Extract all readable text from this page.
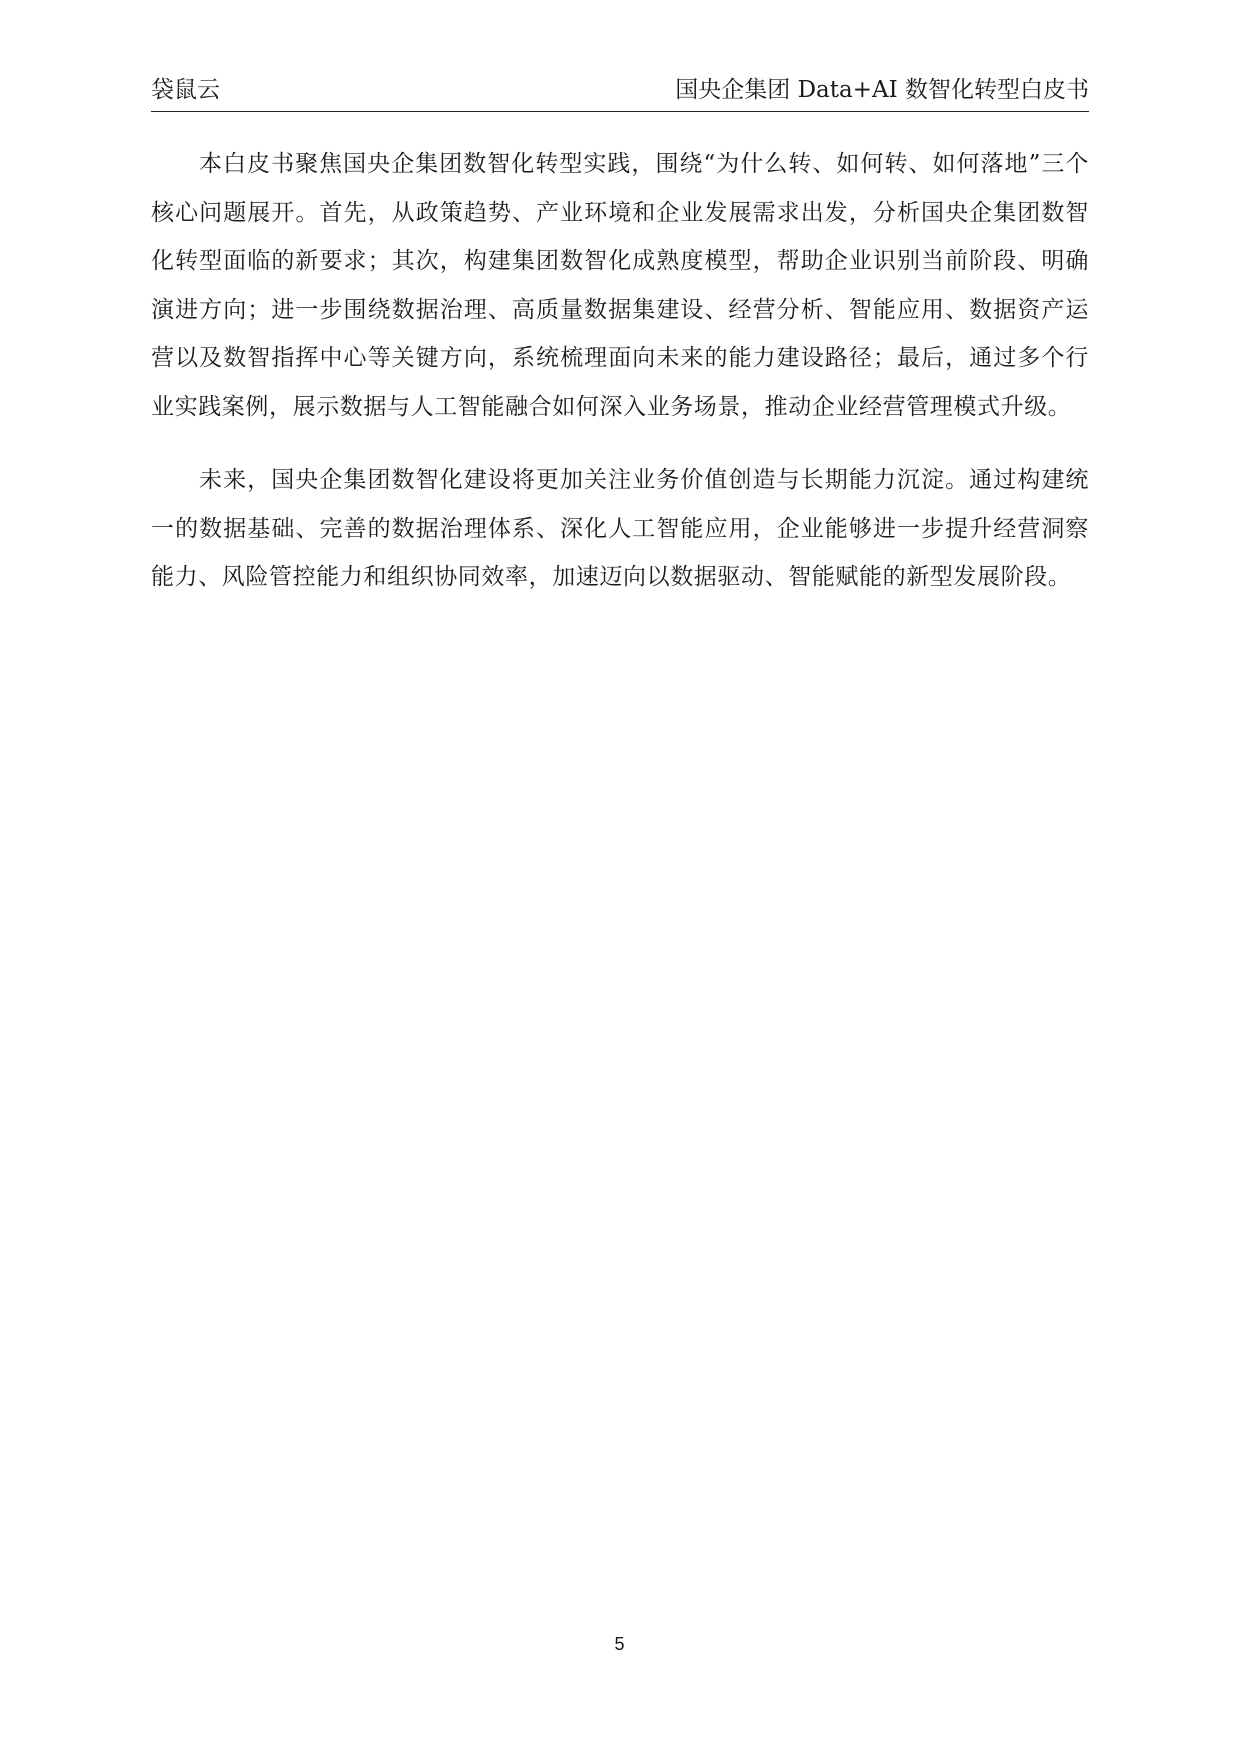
袋鼠云	国央企集团 Data+AI 数智化转型白皮书

本白皮书聚焦国央企集团数智化转型实践，围绕“为什么转、如何转、如何落地”三个核心问题展开。首先，从政策趋势、产业环境和企业发展需求出发，分析国央企集团数智化转型面临的新要求；其次，构建集团数智化成熟度模型，帮助企业识别当前阶段、明确演进方向；进一步围绕数据治理、高质量数据集建设、经营分析、智能应用、数据资产运营以及数智指挥中心等关键方向，系统梳理面向未来的能力建设路径；最后，通过多个行业实践案例，展示数据与人工智能融合如何深入业务场景，推动企业经营管理模式升级。

未来，国央企集团数智化建设将更加关注业务价值创造与长期能力沉淀。通过构建统一的数据基础、完善的数据治理体系、深化人工智能应用，企业能够进一步提升经营洞察能力、风险管控能力和组织协同效率，加速迈向以数据驱动、智能赋能的新型发展阶段。

5
